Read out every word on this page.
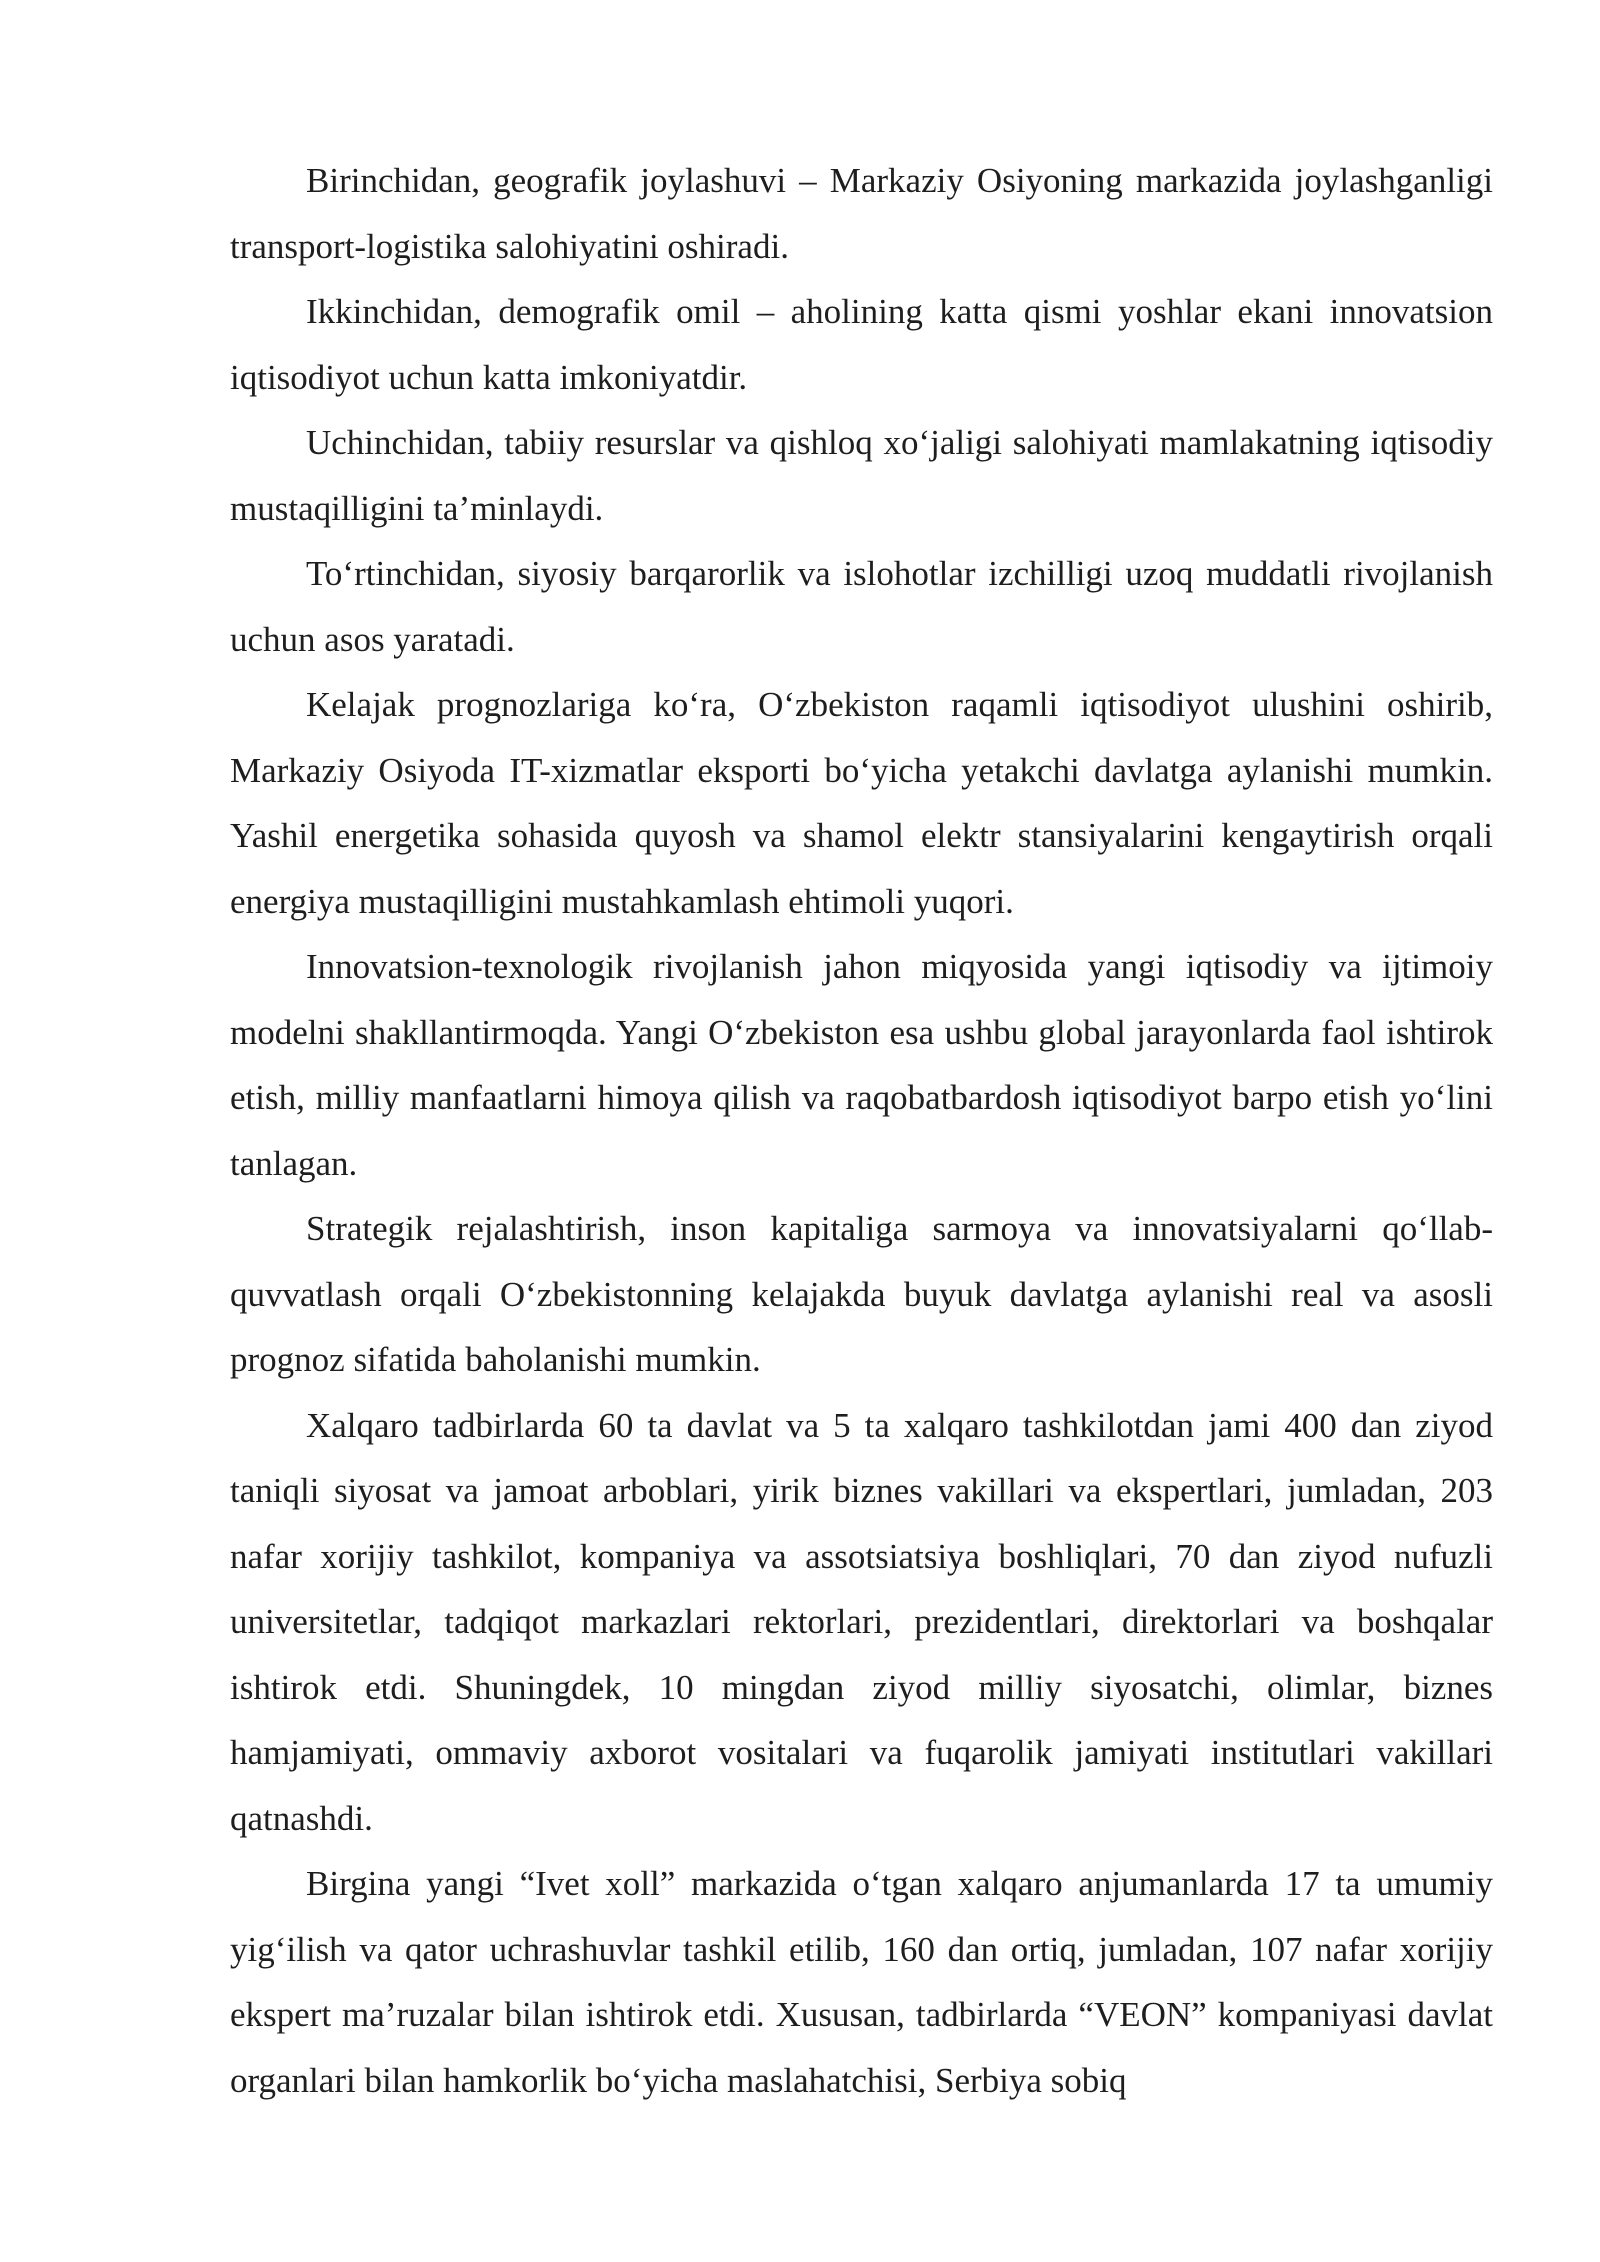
Birinchidan, geografik joylashuvi – Markaziy Osiyoning markazida joylashganligi transport-logistika salohiyatini oshiradi.

Ikkinchidan, demografik omil – aholining katta qismi yoshlar ekani innovatsion iqtisodiyot uchun katta imkoniyatdir.

Uchinchidan, tabiiy resurslar va qishloq xo‘jaligi salohiyati mamlakatning iqtisodiy mustaqilligini ta’minlaydi.

To‘rtinchidan, siyosiy barqarorlik va islohotlar izchilligi uzoq muddatli rivojlanish uchun asos yaratadi.

Kelajak prognozlariga ko‘ra, O‘zbekiston raqamli iqtisodiyot ulushini oshirib, Markaziy Osiyoda IT-xizmatlar eksporti bo‘yicha yetakchi davlatga aylanishi mumkin. Yashil energetika sohasida quyosh va shamol elektr stansiyalarini kengaytirish orqali energiya mustaqilligini mustahkamlash ehtimoli yuqori.

Innovatsion-texnologik rivojlanish jahon miqyosida yangi iqtisodiy va ijtimoiy modelni shakllantirmoqda. Yangi O‘zbekiston esa ushbu global jarayonlarda faol ishtirok etish, milliy manfaatlarni himoya qilish va raqobatbardosh iqtisodiyot barpo etish yo‘lini tanlagan.

Strategik rejalashtirish, inson kapitaliga sarmoya va innovatsiyalarni qo‘llab-quvvatlash orqali O‘zbekistonning kelajakda buyuk davlatga aylanishi real va asosli prognoz sifatida baholanishi mumkin.

Xalqaro tadbirlarda 60 ta davlat va 5 ta xalqaro tashkilotdan jami 400 dan ziyod taniqli siyosat va jamoat arboblari, yirik biznes vakillari va ekspertlari, jumladan, 203 nafar xorijiy tashkilot, kompaniya va assotsiatsiya boshliqlari, 70 dan ziyod nufuzli universitetlar, tadqiqot markazlari rektorlari, prezidentlari, direktorlari va boshqalar ishtirok etdi. Shuningdek, 10 mingdan ziyod milliy siyosatchi, olimlar, biznes hamjamiyati, ommaviy axborot vositalari va fuqarolik jamiyati institutlari vakillari qatnashdi.

Birgina yangi “Ivet xoll” markazida o‘tgan xalqaro anjumanlarda 17 ta umumiy yig‘ilish va qator uchrashuvlar tashkil etilib, 160 dan ortiq, jumladan, 107 nafar xorijiy ekspert ma’ruzalar bilan ishtirok etdi. Xususan, tadbirlarda “VEON” kompaniyasi davlat organlari bilan hamkorlik bo‘yicha maslahatchisi, Serbiya sobiq
